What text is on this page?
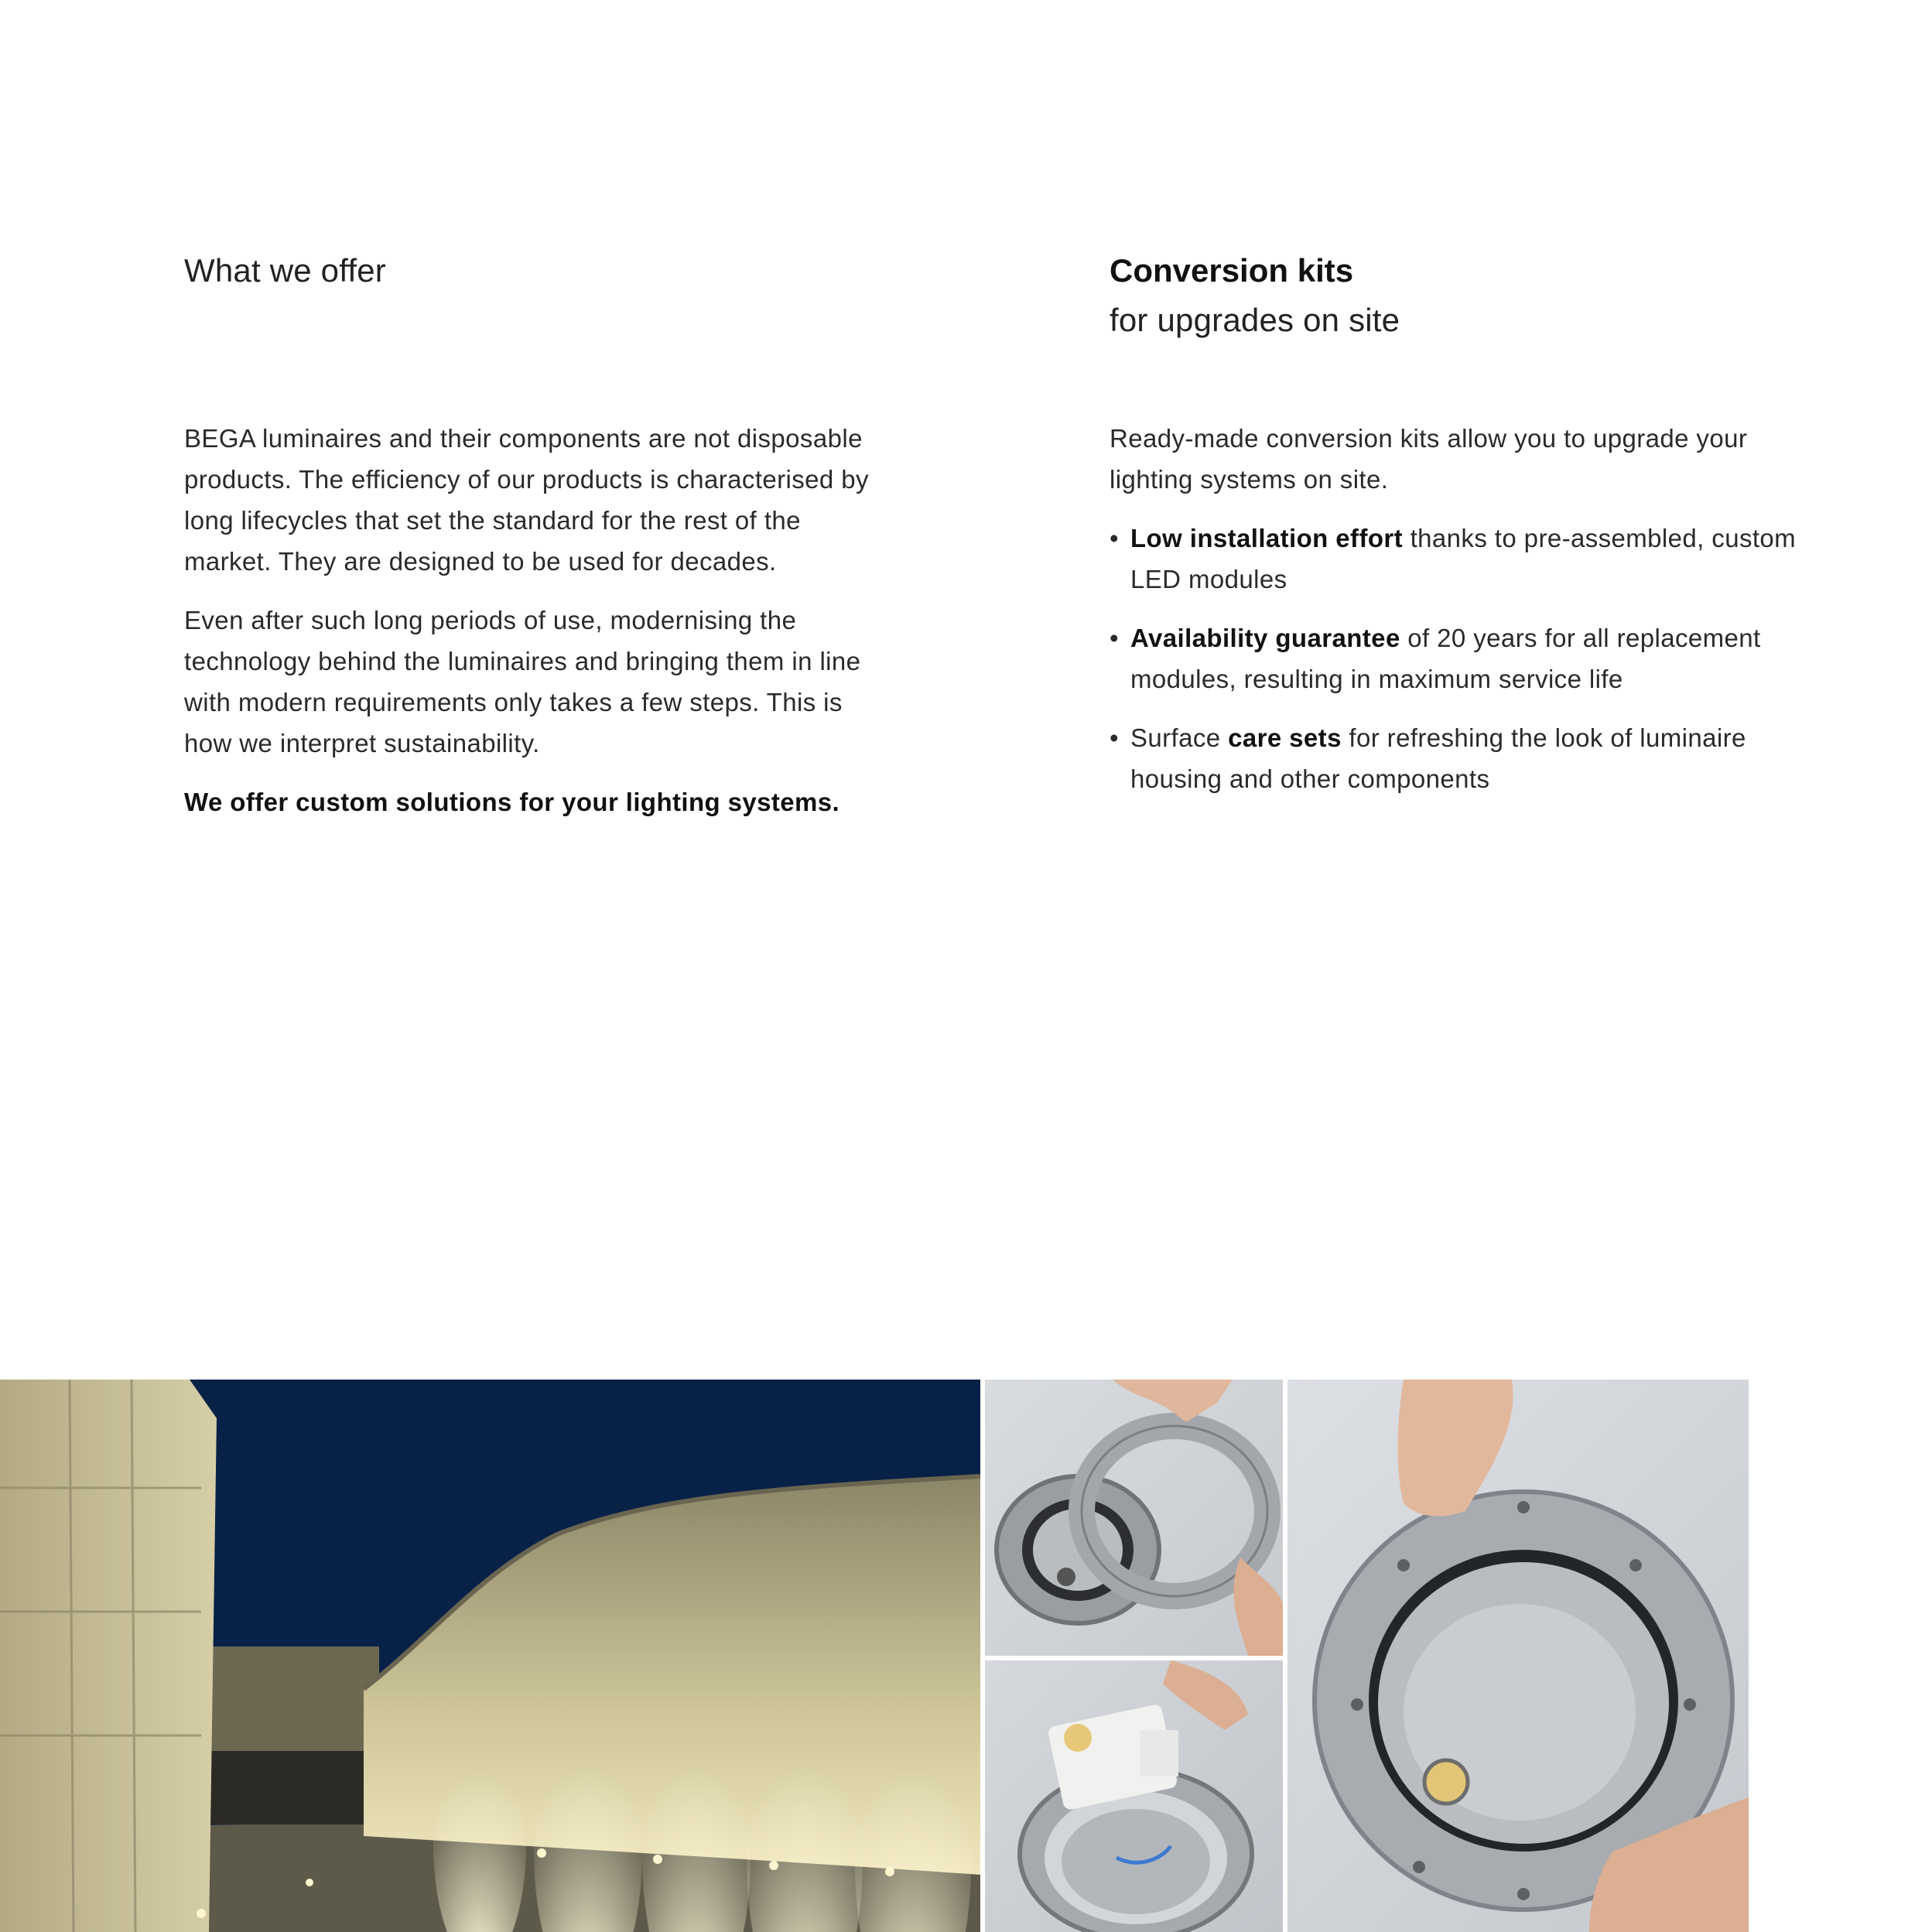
What we offer

BEGA luminaires and their components are not disposable products. The efficiency of our products is characterised by long lifecycles that set the standard for the rest of the market. They are designed to be used for decades.

Even after such long periods of use, modernising the technology behind the luminaires and bringing them in line with modern requirements only takes a few steps. This is how we interpret sustainability.

We offer custom solutions for your lighting systems.

Conversion kits
for upgrades on site

Ready-made conversion kits allow you to upgrade your lighting systems on site.

• Low installation effort thanks to pre-assembled, custom LED modules
• Availability guarantee of 20 years for all replacement modules, resulting in maximum service life
• Surface care sets for refreshing the look of luminaire housing and other components
